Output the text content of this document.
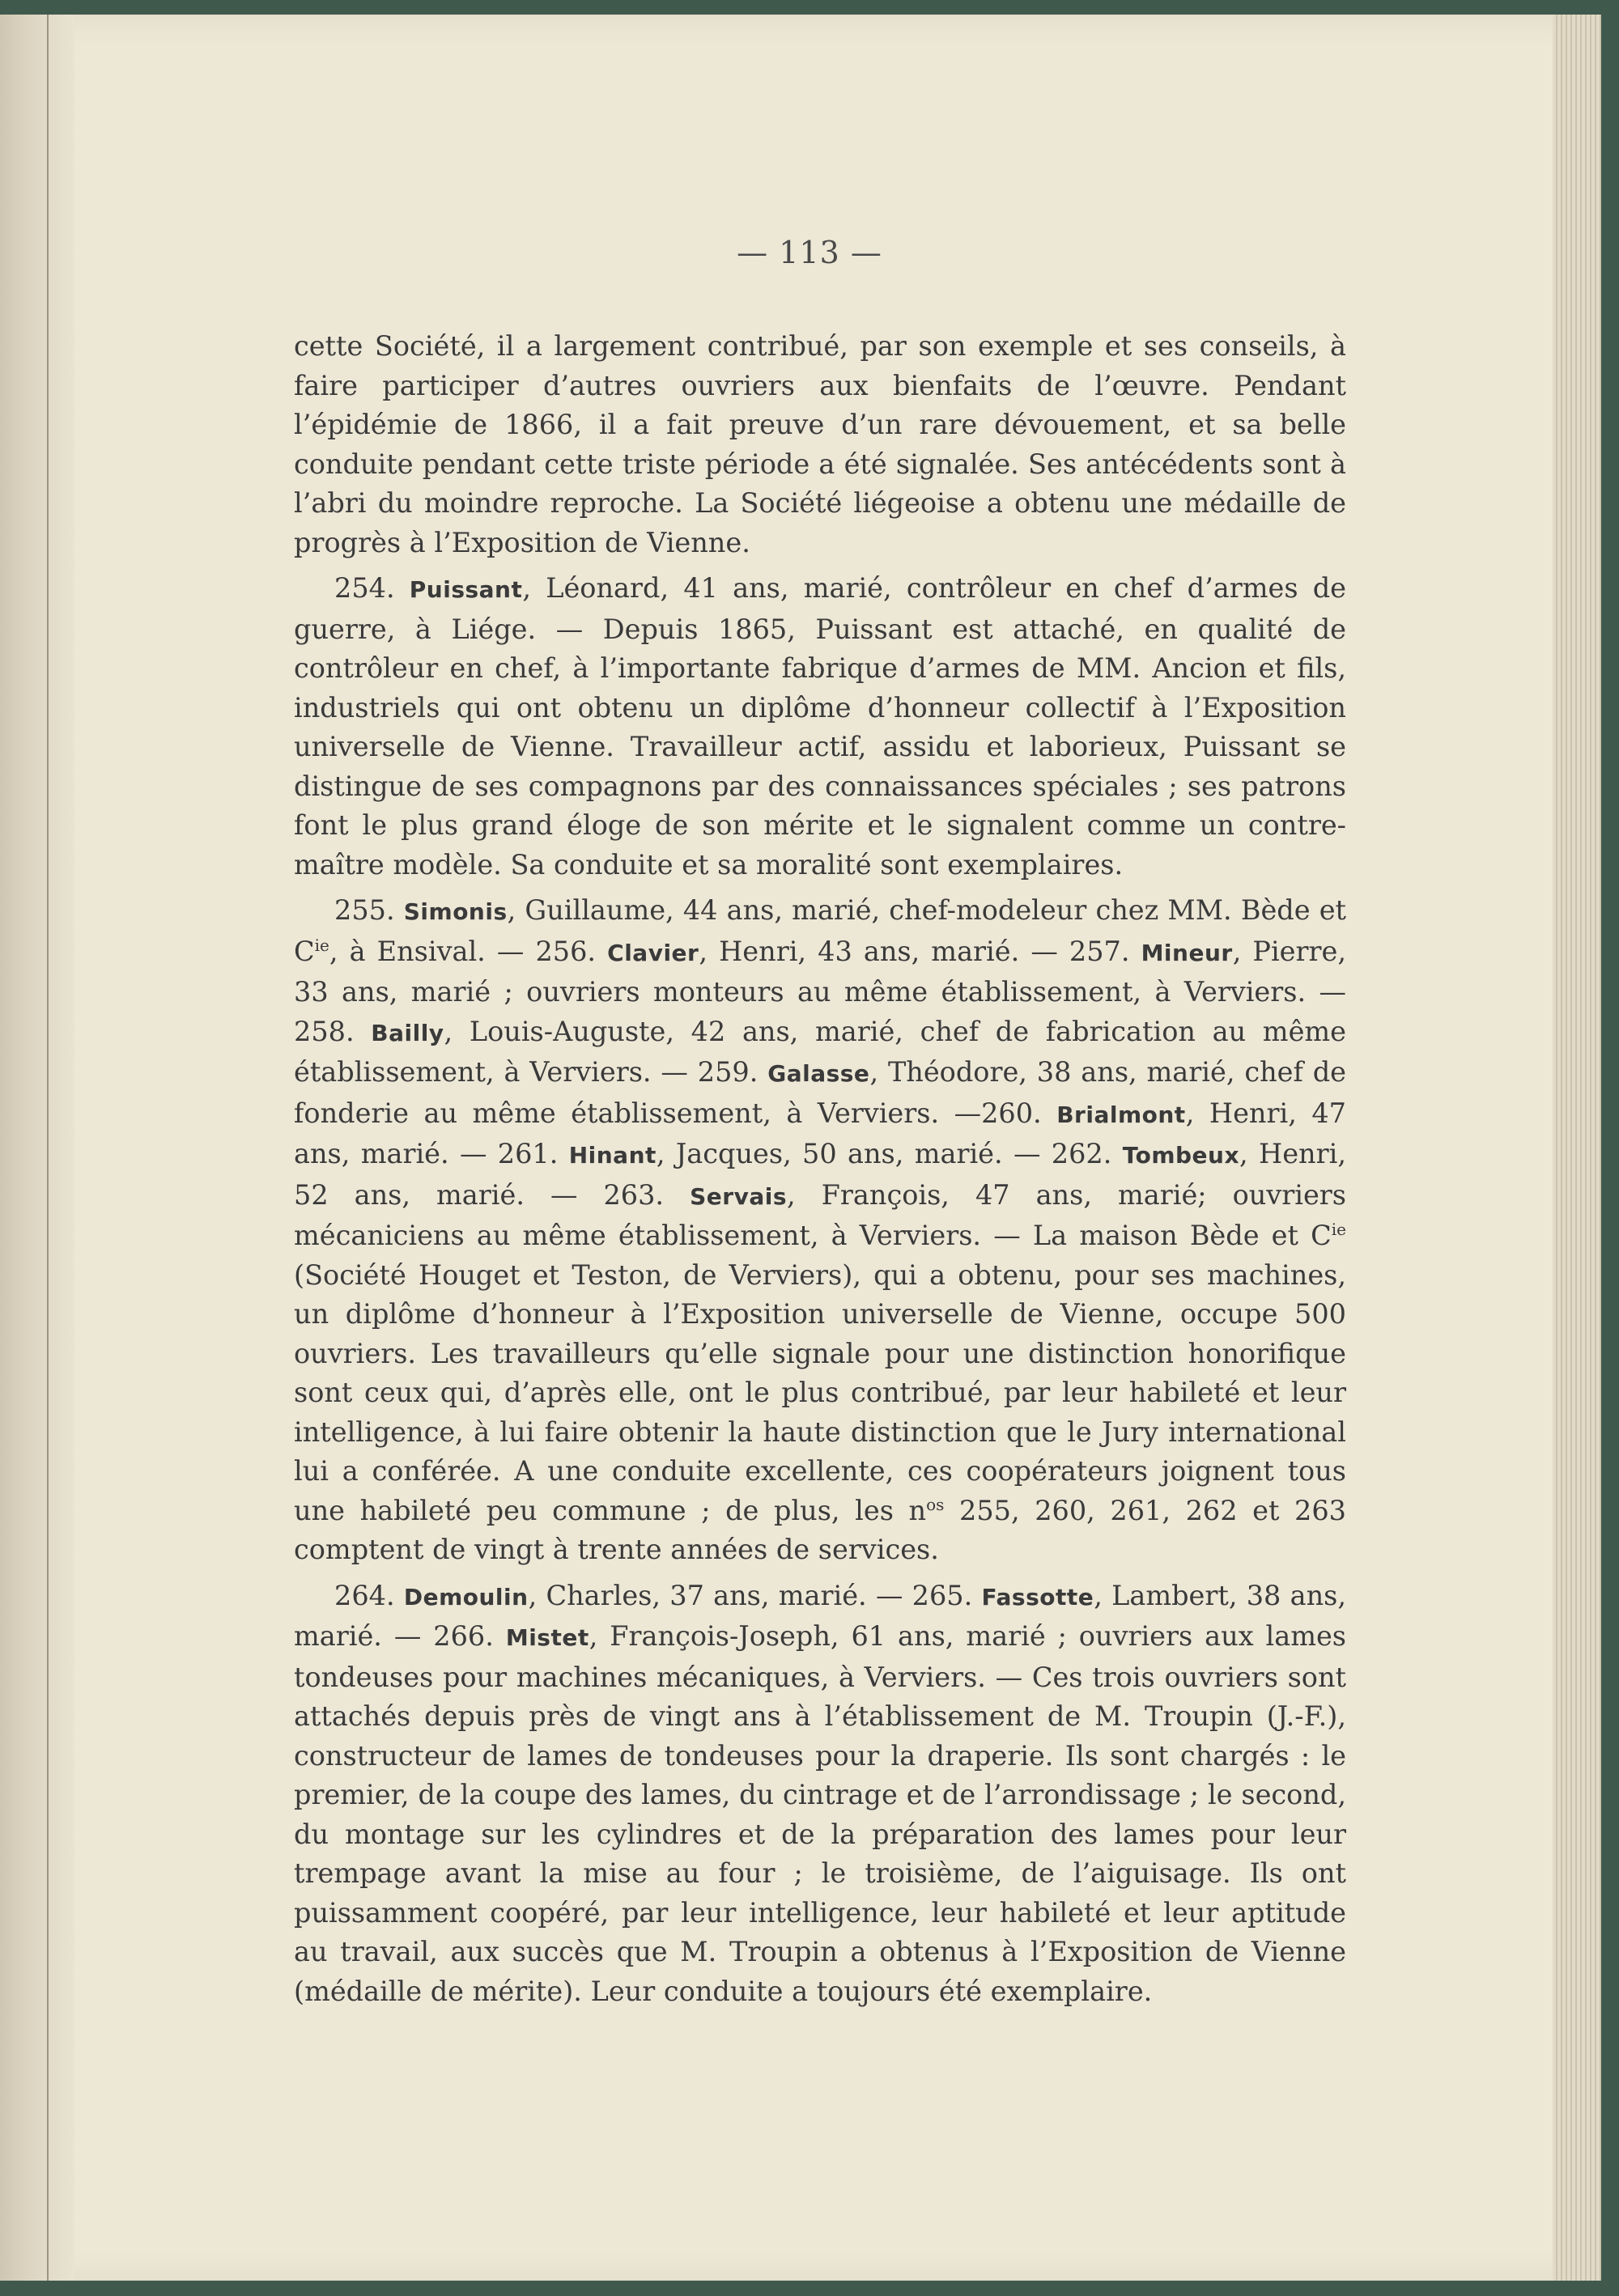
— 113 —

cette Société, il a largement contribué, par son exemple et ses conseils, à faire participer d’autres ouvriers aux bienfaits de l’œuvre. Pendant l’épidémie de 1866, il a fait preuve d’un rare dévouement, et sa belle conduite pendant cette triste période a été signalée. Ses antécédents sont à l’abri du moindre reproche. La Société liégeoise a obtenu une médaille de progrès à l’Exposition de Vienne.

254. Puissant, Léonard, 41 ans, marié, contrôleur en chef d’armes de guerre, à Liége. — Depuis 1865, Puissant est attaché, en qualité de contrôleur en chef, à l’importante fabrique d’armes de MM. Ancion et fils, industriels qui ont obtenu un diplôme d’honneur collectif à l’Exposition universelle de Vienne. Travailleur actif, assidu et laborieux, Puissant se distingue de ses compagnons par des connaissances spéciales ; ses patrons font le plus grand éloge de son mérite et le signalent comme un contre-maître modèle. Sa conduite et sa moralité sont exemplaires.

255. Simonis, Guillaume, 44 ans, marié, chef-modeleur chez MM. Bède et $C^{ie}$, à Ensival. — 256. Clavier, Henri, 43 ans, marié. — 257. Mineur, Pierre, 33 ans, marié ; ouvriers monteurs au même établissement, à Verviers. — 258. Bailly, Louis-Auguste, 42 ans, marié, chef de fabrication au même établissement, à Verviers. — 259. Galasse, Théodore, 38 ans, marié, chef de fonderie au même établissement, à Verviers. —260. Brialmont, Henri, 47 ans, marié. — 261. Hinant, Jacques, 50 ans, marié. — 262. Tombeux, Henri, 52 ans, marié. — 263. Servais, François, 47 ans, marié; ouvriers mécaniciens au même établissement, à Verviers. — La maison Bède et $C^{ie}$ (Société Houget et Teston, de Verviers), qui a obtenu, pour ses machines, un diplôme d’honneur à l’Exposition universelle de Vienne, occupe 500 ouvriers. Les travailleurs qu’elle signale pour une distinction honorifique sont ceux qui, d’après elle, ont le plus contribué, par leur habileté et leur intelligence, à lui faire obtenir la haute distinction que le Jury international lui a conférée. A une conduite excellente, ces coopérateurs joignent tous une habileté peu commune ; de plus, les $n^{os}$ 255, 260, 261, 262 et 263 comptent de vingt à trente années de services.

264. Demoulin, Charles, 37 ans, marié. — 265. Fassotte, Lambert, 38 ans, marié. — 266. Mistet, François-Joseph, 61 ans, marié ; ouvriers aux lames tondeuses pour machines mécaniques, à Verviers. — Ces trois ouvriers sont attachés depuis près de vingt ans à l’établissement de M. Troupin (J.-F.), constructeur de lames de tondeuses pour la draperie. Ils sont chargés : le premier, de la coupe des lames, du cintrage et de l’arrondissage ; le second, du montage sur les cylindres et de la préparation des lames pour leur trempage avant la mise au four ; le troisième, de l’aiguisage. Ils ont puissamment coopéré, par leur intelligence, leur habileté et leur aptitude au travail, aux succès que M. Troupin a obtenus à l’Exposition de Vienne (médaille de mérite). Leur conduite a toujours été exemplaire.
